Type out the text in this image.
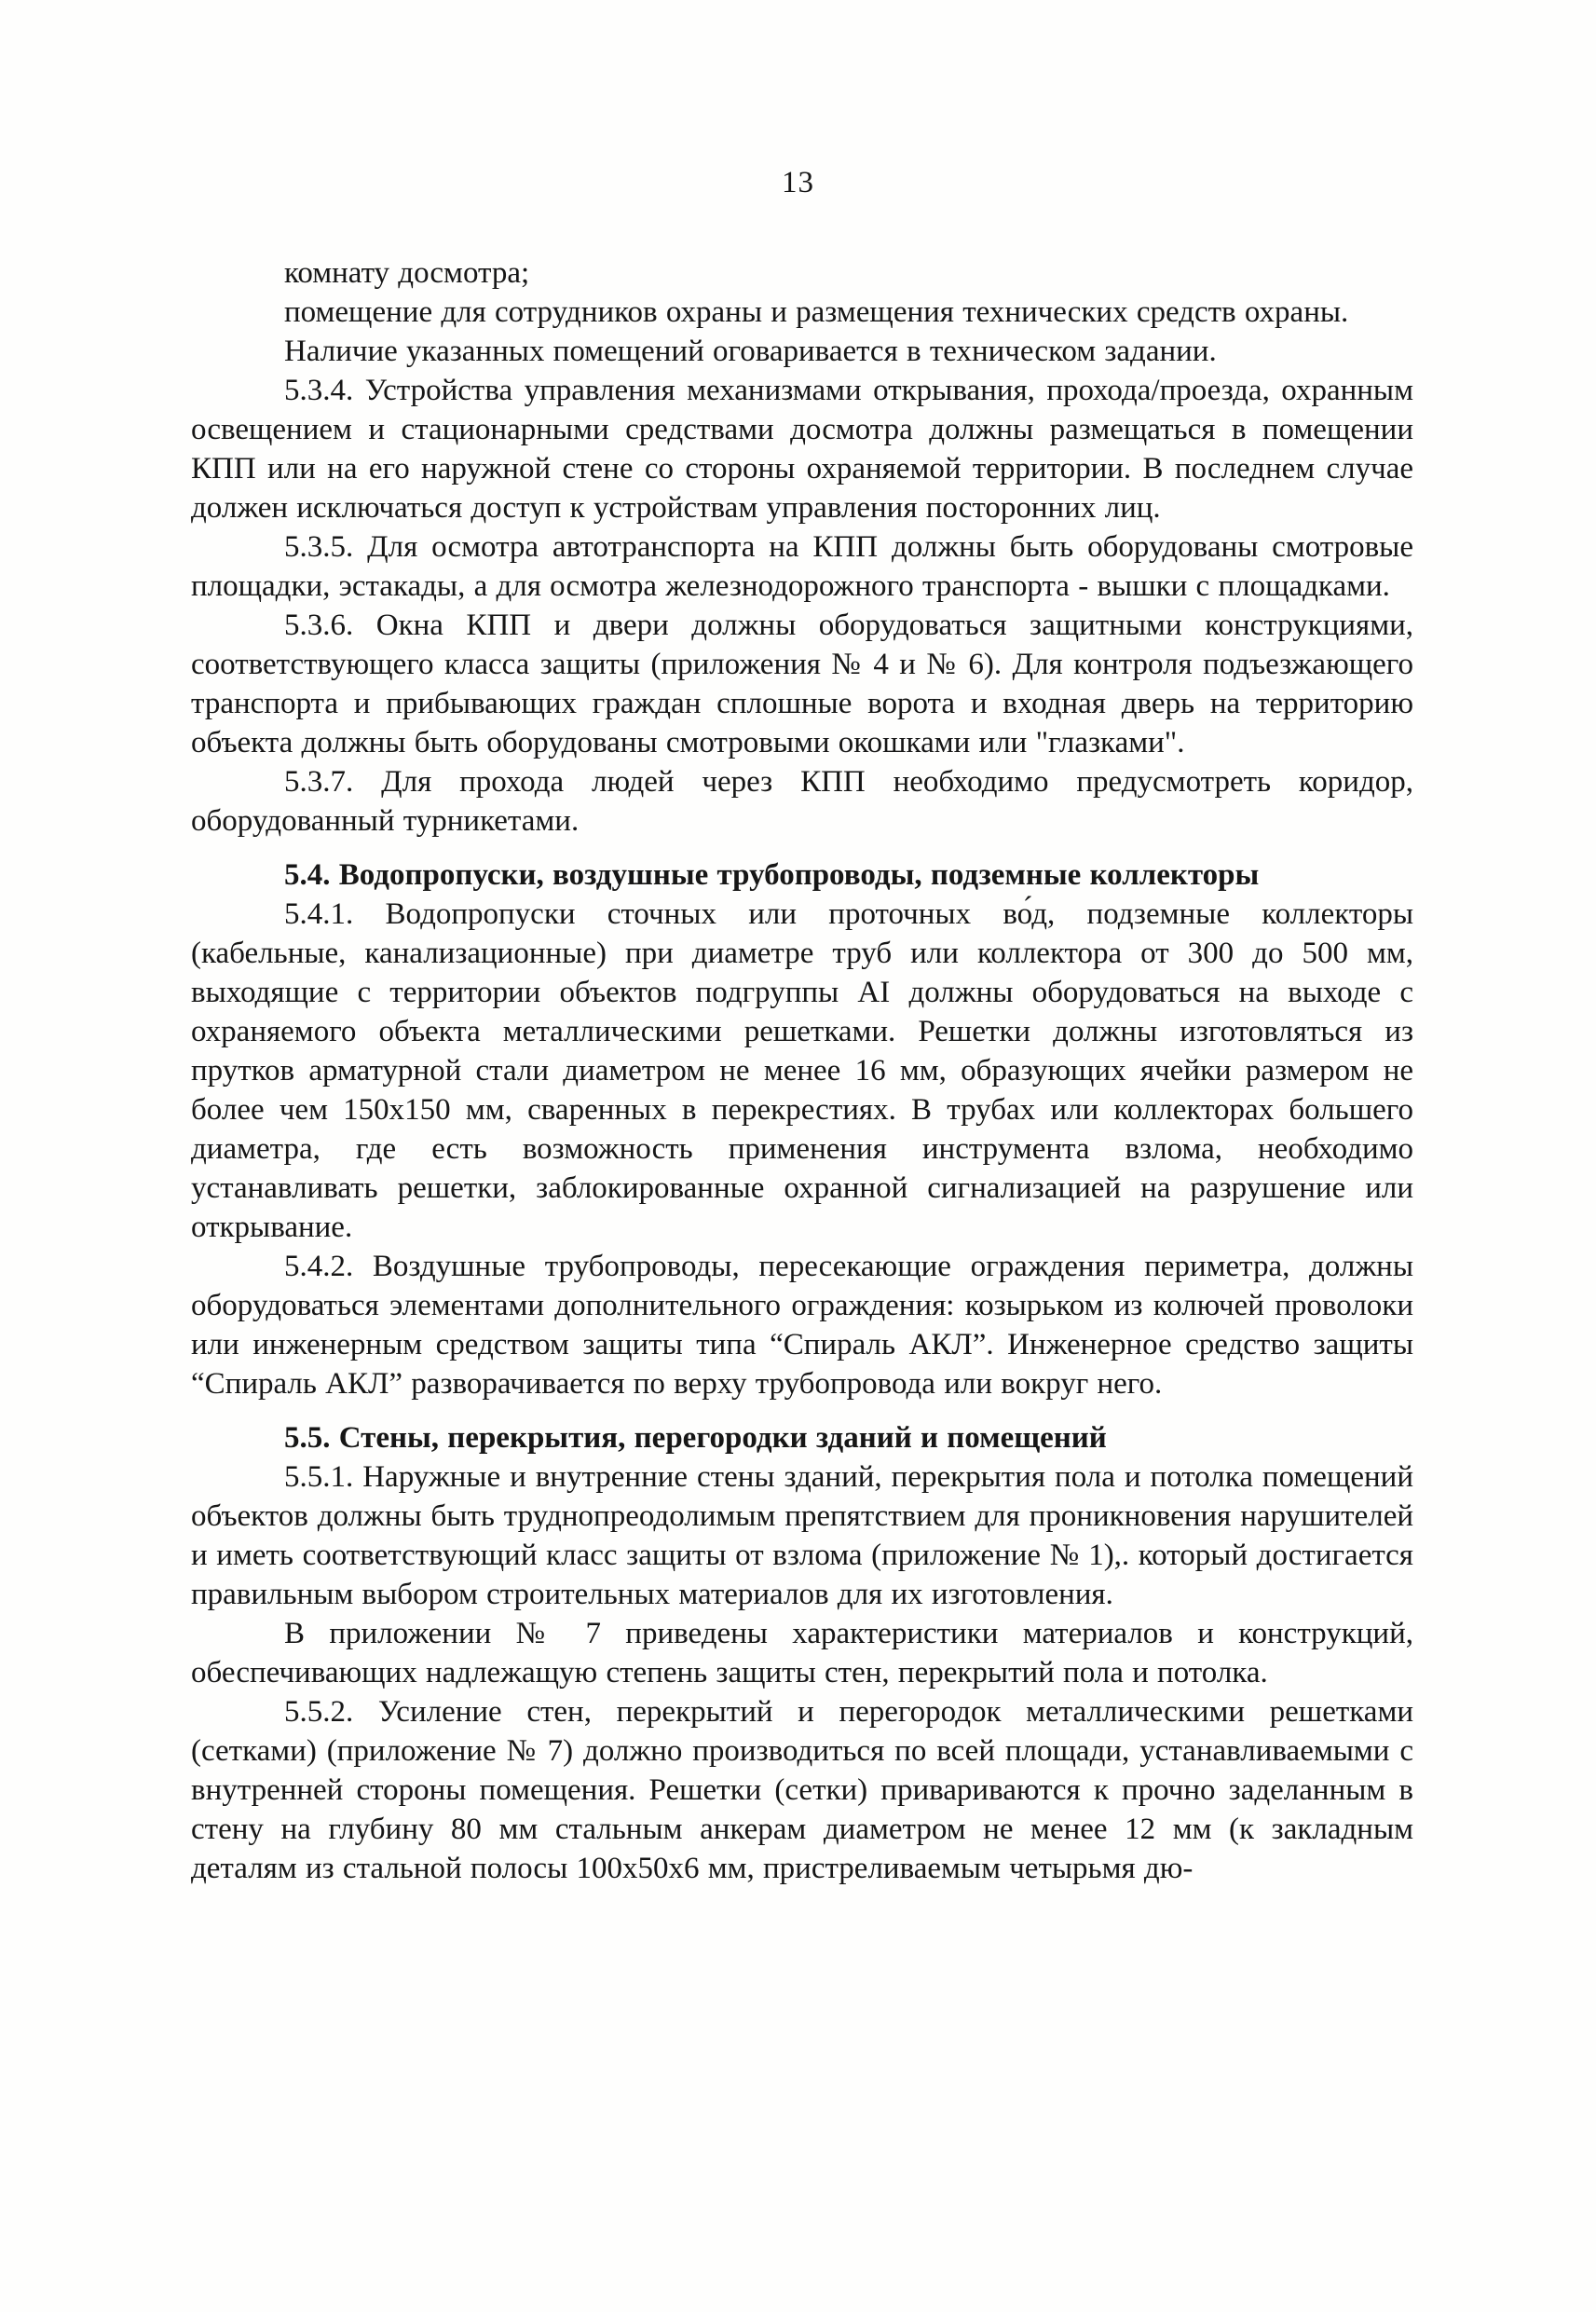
13

комнату досмотра;

помещение для сотрудников охраны и размещения технических средств охраны.

Наличие указанных помещений оговаривается в техническом задании.

5.3.4. Устройства управления механизмами открывания, прохода/проезда, охранным освещением и стационарными средствами досмотра должны размещаться в помещении КПП или на его наружной стене со стороны охраняемой территории. В последнем случае должен исключаться доступ к устройствам управления посторонних лиц.

5.3.5. Для осмотра автотранспорта на КПП должны быть оборудованы смотровые площадки, эстакады, а для осмотра железнодорожного транспорта - вышки с площадками.

5.3.6. Окна КПП и двери должны оборудоваться защитными конструкциями, соответствующего класса защиты (приложения № 4 и № 6). Для контроля подъезжающего транспорта и прибывающих граждан сплошные ворота и входная дверь на территорию объекта должны быть оборудованы смотровыми окошками или "глазками".

5.3.7. Для прохода людей через КПП необходимо предусмотреть коридор, оборудованный турникетами.

5.4. Водопропуски, воздушные трубопроводы, подземные коллекторы

5.4.1. Водопропуски сточных или проточных во́д, подземные коллекторы (кабельные, канализационные) при диаметре труб или коллектора от 300 до 500 мм, выходящие с территории объектов подгруппы АI должны оборудоваться на выходе с охраняемого объекта металлическими решетками. Решетки должны изготовляться из прутков арматурной стали диаметром не менее 16 мм, образующих ячейки размером не более чем 150х150 мм, сваренных в перекрестиях. В трубах или коллекторах большего диаметра, где есть возможность применения инструмента взлома, необходимо устанавливать решетки, заблокированные охранной сигнализацией на разрушение или открывание.

5.4.2. Воздушные трубопроводы, пересекающие ограждения периметра, должны оборудоваться элементами дополнительного ограждения: козырьком из колючей проволоки или инженерным средством защиты типа “Спираль АКЛ”. Инженерное средство защиты “Спираль АКЛ” разворачивается по верху трубопровода или вокруг него.

5.5. Стены, перекрытия, перегородки зданий и помещений

5.5.1. Наружные и внутренние стены зданий, перекрытия пола и потолка помещений объектов должны быть труднопреодолимым препятствием для проникновения нарушителей и иметь соответствующий класс защиты от взлома (приложение № 1),. который достигается правильным выбором строительных материалов для их изготовления.

В приложении № 7 приведены характеристики материалов и конструкций, обеспечивающих надлежащую степень защиты стен, перекрытий пола и потолка.

5.5.2. Усиление стен, перекрытий и перегородок металлическими решетками (сетками) (приложение № 7) должно производиться по всей площади, устанавливаемыми с внутренней стороны помещения. Решетки (сетки) привариваются к прочно заделанным в стену на глубину 80 мм стальным анкерам диаметром не менее 12 мм (к закладным деталям из стальной полосы 100х50х6 мм, пристреливаемым четырьмя дю-
